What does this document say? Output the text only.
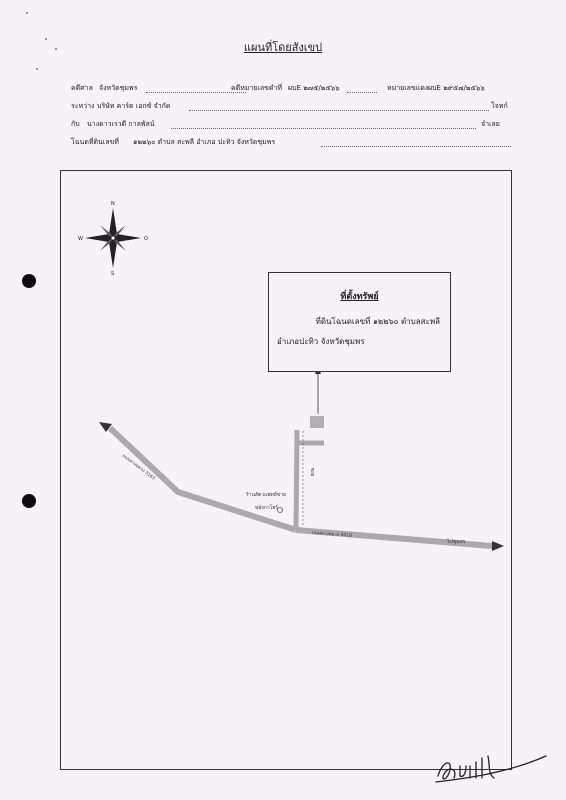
แผนที่โดยสังเขป
คดีศาล จังหวัดชุมพร	คดีหมายเลขดำที่ ผบE ๒๗๕/๒๕๖๖	หมายเลขแดง ผบE ๒๙๕๗/๒๕๖๖
ระหว่าง บริษัท คาร์ด เอกซ์ จำกัด	โจทก์
กับ นางดาวเรวดี กาลพัลน์	จำเลย
โฉนดที่ดินเลขที่ ๑๒๒๖๐ ตำบล สะพลี อำเภอ ปะทิว จังหวัดชุมพร
N
S
O
W
ถนนทางหลวง 3163
ถนนทางหลวง 3018
ซอย
ร้านสัตวแพทย์ขาย
หลังกาโยร์
ไปชุมพร
ที่ตั้งทรัพย์
ที่ดินโฉนดเลขที่ ๑๒๒๖๐ ตำบลสะพลี
อำเภอปะทิว จังหวัดชุมพร
